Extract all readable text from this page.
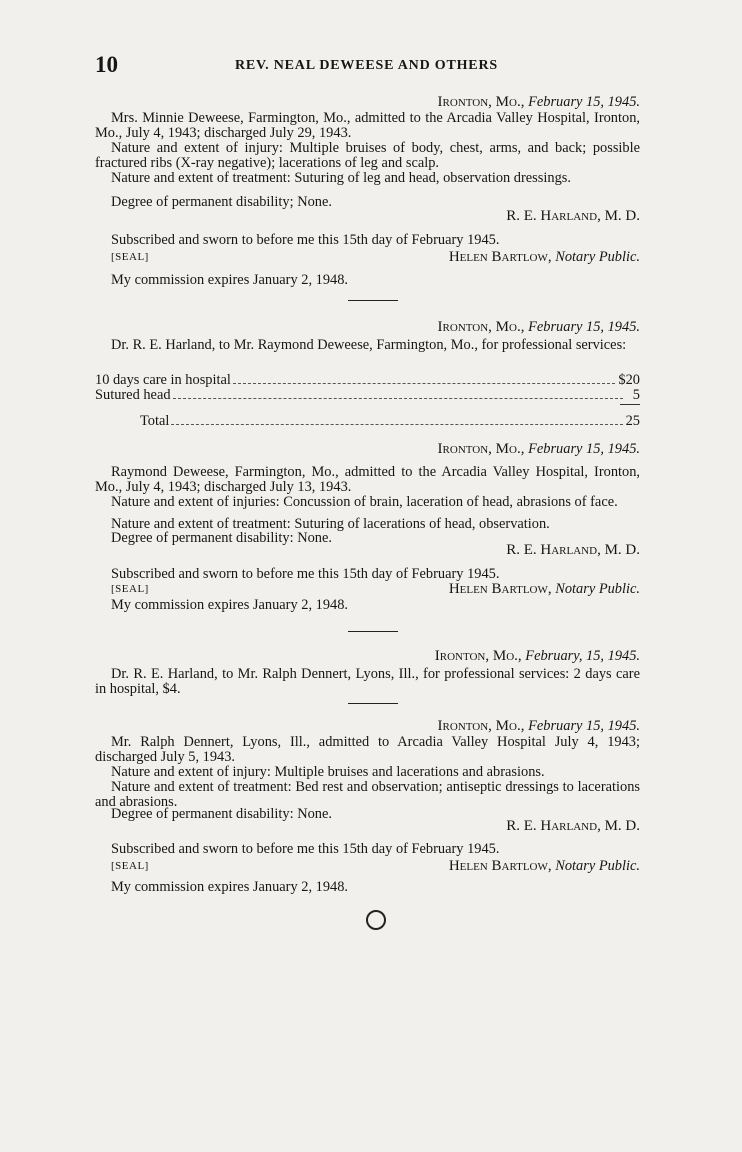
10	REV. NEAL DEWEESE AND OTHERS
Ironton, Mo., February 15, 1945.
Mrs. Minnie Deweese, Farmington, Mo., admitted to the Arcadia Valley Hospital, Ironton, Mo., July 4, 1943; discharged July 29, 1943.
Nature and extent of injury: Multiple bruises of body, chest, arms, and back; possible fractured ribs (X-ray negative); lacerations of leg and scalp.
Nature and extent of treatment: Suturing of leg and head, observation dressings.
Degree of permanent disability; None.
R. E. Harland, M. D.
Subscribed and sworn to before me this 15th day of February 1945.
[SEAL]	Helen Bartlow, Notary Public.
My commission expires January 2, 1948.
Ironton, Mo., February 15, 1945.
Dr. R. E. Harland, to Mr. Raymond Deweese, Farmington, Mo., for professional services:
10 days care in hospital	$20
Sutured head	5
Total	25
Ironton, Mo., February 15, 1945.
Raymond Deweese, Farmington, Mo., admitted to the Arcadia Valley Hospital, Ironton, Mo., July 4, 1943; discharged July 13, 1943.
Nature and extent of injuries: Concussion of brain, laceration of head, abrasions of face.
Nature and extent of treatment: Suturing of lacerations of head, observation.
Degree of permanent disability: None.
R. E. Harland, M. D.
Subscribed and sworn to before me this 15th day of February 1945.
[SEAL]	Helen Bartlow, Notary Public.
My commission expires January 2, 1948.
Ironton, Mo., February, 15, 1945.
Dr. R. E. Harland, to Mr. Ralph Dennert, Lyons, Ill., for professional services: 2 days care in hospital, $4.
Ironton, Mo., February 15, 1945.
Mr. Ralph Dennert, Lyons, Ill., admitted to Arcadia Valley Hospital July 4, 1943; discharged July 5, 1943.
Nature and extent of injury: Multiple bruises and lacerations and abrasions.
Nature and extent of treatment: Bed rest and observation; antiseptic dressings to lacerations and abrasions.
Degree of permanent disability: None.
R. E. Harland, M. D.
Subscribed and sworn to before me this 15th day of February 1945.
[SEAL]	Helen Bartlow, Notary Public.
My commission expires January 2, 1948.
